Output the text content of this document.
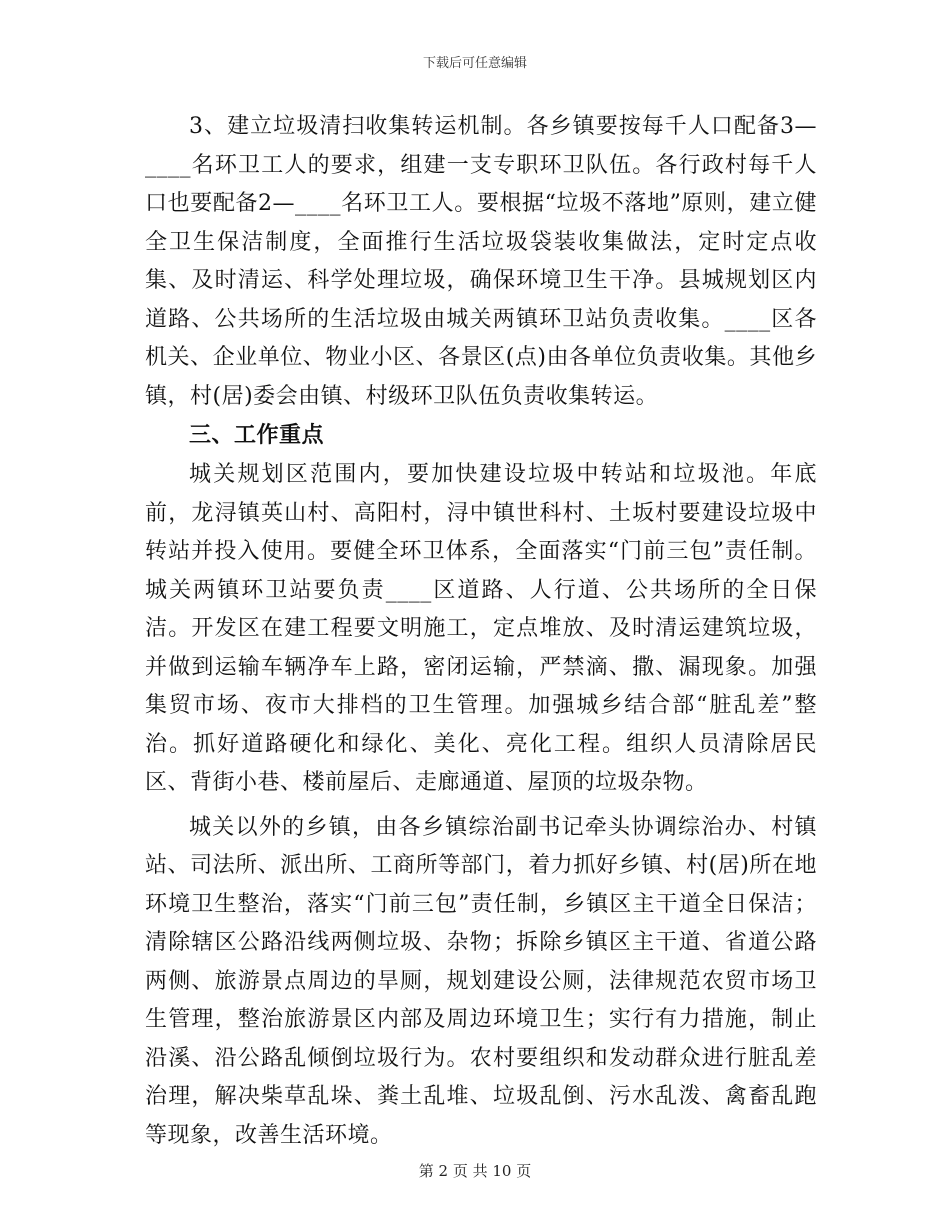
下载后可任意编辑

3、建立垃圾清扫收集转运机制。各乡镇要按每千人口配备3—____名环卫工人的要求，组建一支专职环卫队伍。各行政村每千人口也要配备2—____名环卫工人。要根据“垃圾不落地”原则，建立健全卫生保洁制度，全面推行生活垃圾袋装收集做法，定时定点收集、及时清运、科学处理垃圾，确保环境卫生干净。县城规划区内道路、公共场所的生活垃圾由城关两镇环卫站负责收集。____区各机关、企业单位、物业小区、各景区(点)由各单位负责收集。其他乡镇，村(居)委会由镇、村级环卫队伍负责收集转运。

三、工作重点

城关规划区范围内，要加快建设垃圾中转站和垃圾池。年底前，龙浔镇英山村、高阳村，浔中镇世科村、土坂村要建设垃圾中转站并投入使用。要健全环卫体系，全面落实“门前三包”责任制。城关两镇环卫站要负责____区道路、人行道、公共场所的全日保洁。开发区在建工程要文明施工，定点堆放、及时清运建筑垃圾，并做到运输车辆净车上路，密闭运输，严禁滴、撒、漏现象。加强集贸市场、夜市大排档的卫生管理。加强城乡结合部“脏乱差”整治。抓好道路硬化和绿化、美化、亮化工程。组织人员清除居民区、背街小巷、楼前屋后、走廊通道、屋顶的垃圾杂物。

城关以外的乡镇，由各乡镇综治副书记牵头协调综治办、村镇站、司法所、派出所、工商所等部门，着力抓好乡镇、村(居)所在地环境卫生整治，落实“门前三包”责任制，乡镇区主干道全日保洁；清除辖区公路沿线两侧垃圾、杂物；拆除乡镇区主干道、省道公路两侧、旅游景点周边的旱厕，规划建设公厕，法律规范农贸市场卫生管理，整治旅游景区内部及周边环境卫生；实行有力措施，制止沿溪、沿公路乱倾倒垃圾行为。农村要组织和发动群众进行脏乱差治理，解决柴草乱垛、粪土乱堆、垃圾乱倒、污水乱泼、禽畜乱跑等现象，改善生活环境。

第 2 页 共 10 页
